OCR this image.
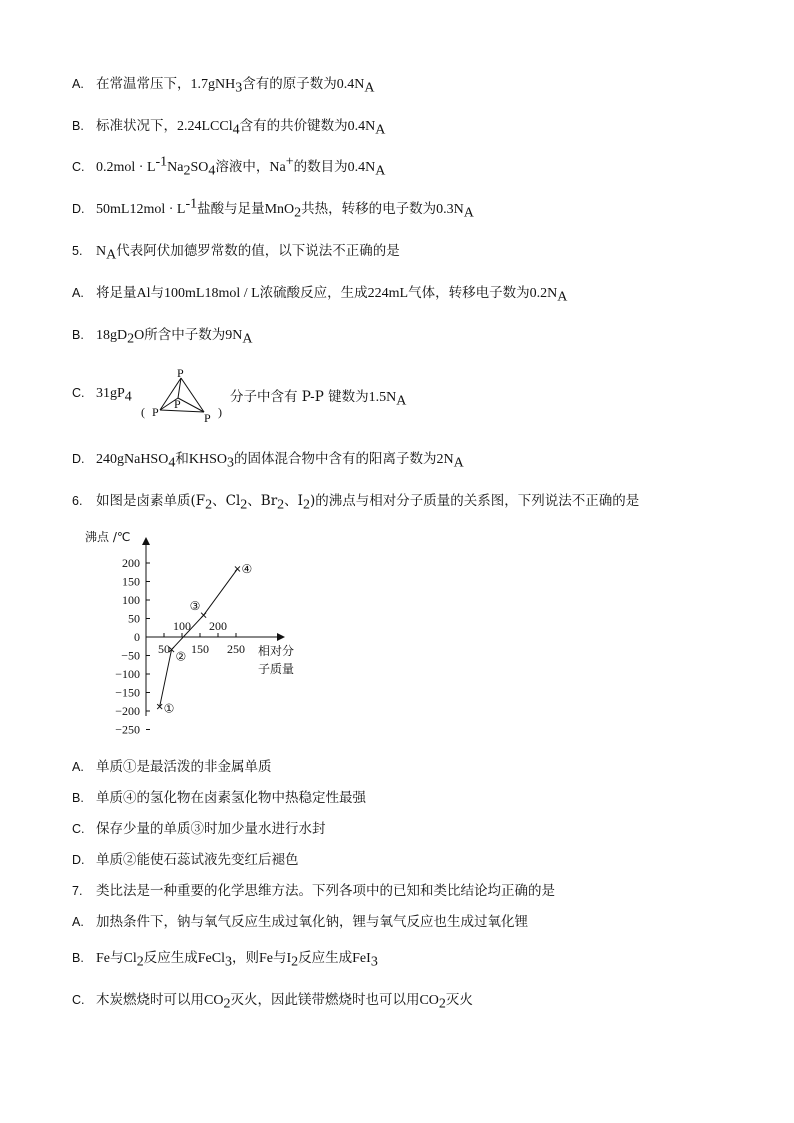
A. 在常温常压下，1.7gNH$_3$含有的原子数为$0.4N_A$
B. 标准状况下，2.24LCCl$_4$含有的共价键数为$0.4N_A$
C. $0.2mol \cdot L^{-1}Na_2SO_4$溶液中，Na+的数目为$0.4N_A$
D. $50mL12mol \cdot L^{-1}$盐酸与足量MnO$_2$共热，转移的电子数为$0.3N_A$
5. $N_A$代表阿伏加德罗常数的值，以下说法不正确的是
A. 将足量Al与100mL18mol / L浓硫酸反应，生成224mL气体，转移电子数为$0.2N_A$
B. $18gD_2O$所含中子数为$9N_A$
C. $31gP_4$
P
P
P	P
(	)
分子中含有 P-P 键数为$1.5N_A$
D. 240gNaHSO$_4$和$KHSO_3$的固体混合物中含有的阳离子数为$2N_A$
6. 如图是卤素单质($F_2$、$Cl_2$、$Br_2$、$I_2$)的沸点与相对分子质量的关系图，下列说法不正确的是
沸点 /℃
200
150
100
50
0
−50
−100
−150
−200
−250
50 150 250
100 200
①
②
③
④
相对分
子质量
A. 单质①是最活泼的非金属单质
B. 单质④的氢化物在卤素氢化物中热稳定性最强
C. 保存少量的单质③时加少量水进行水封
D. 单质②能使石蕊试液先变红后褪色
7. 类比法是一种重要的化学思维方法。下列各项中的已知和类比结论均正确的是
A. 加热条件下，钠与氧气反应生成过氧化钠，锂与氧气反应也生成过氧化锂
B. Fe与$Cl_2$反应生成FeCl$_3$，则Fe与$I_2$反应生成FeI$_3$
C. 木炭燃烧时可以用$CO_2$灭火，因此镁带燃烧时也可以用$CO_2$灭火
